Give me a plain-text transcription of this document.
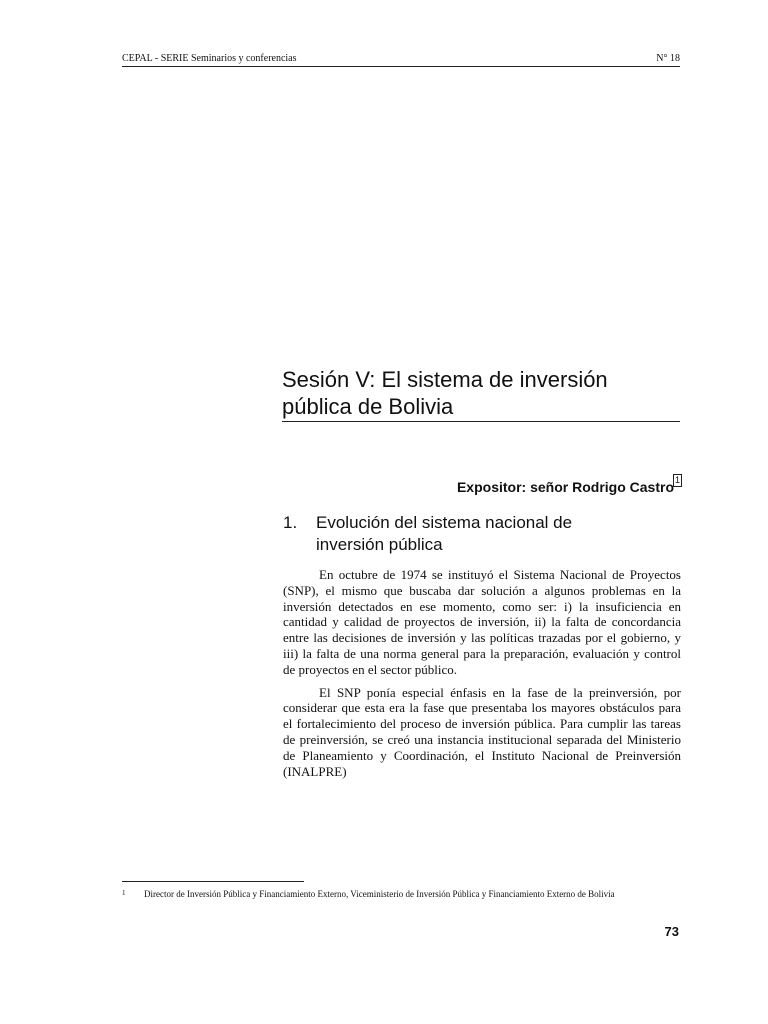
CEPAL - SERIE Seminarios y conferencias	N° 18
Sesión V: El sistema de inversión
pública de Bolivia
Expositor: señor Rodrigo Castro 1
1.	Evolución del sistema nacional de
inversión pública

En octubre de 1974 se instituyó el Sistema Nacional de Proyectos (SNP), el mismo que buscaba dar solución a algunos problemas en la inversión detectados en ese momento, como ser: i) la insuficiencia en cantidad y calidad de proyectos de inversión, ii) la falta de concordancia entre las decisiones de inversión y las políticas trazadas por el gobierno, y iii) la falta de una norma general para la preparación, evaluación y control de proyectos en el sector público.

El SNP ponía especial énfasis en la fase de la preinversión, por considerar que esta era la fase que presentaba los mayores obstáculos para el fortalecimiento del proceso de inversión pública. Para cumplir las tareas de preinversión, se creó una instancia institucional separada del Ministerio de Planeamiento y Coordinación, el Instituto Nacional de Preinversión (INALPRE)

1	Director de Inversión Pública y Financiamiento Externo, Viceministerio de Inversión Pública y Financiamiento Externo de Bolivia
73
